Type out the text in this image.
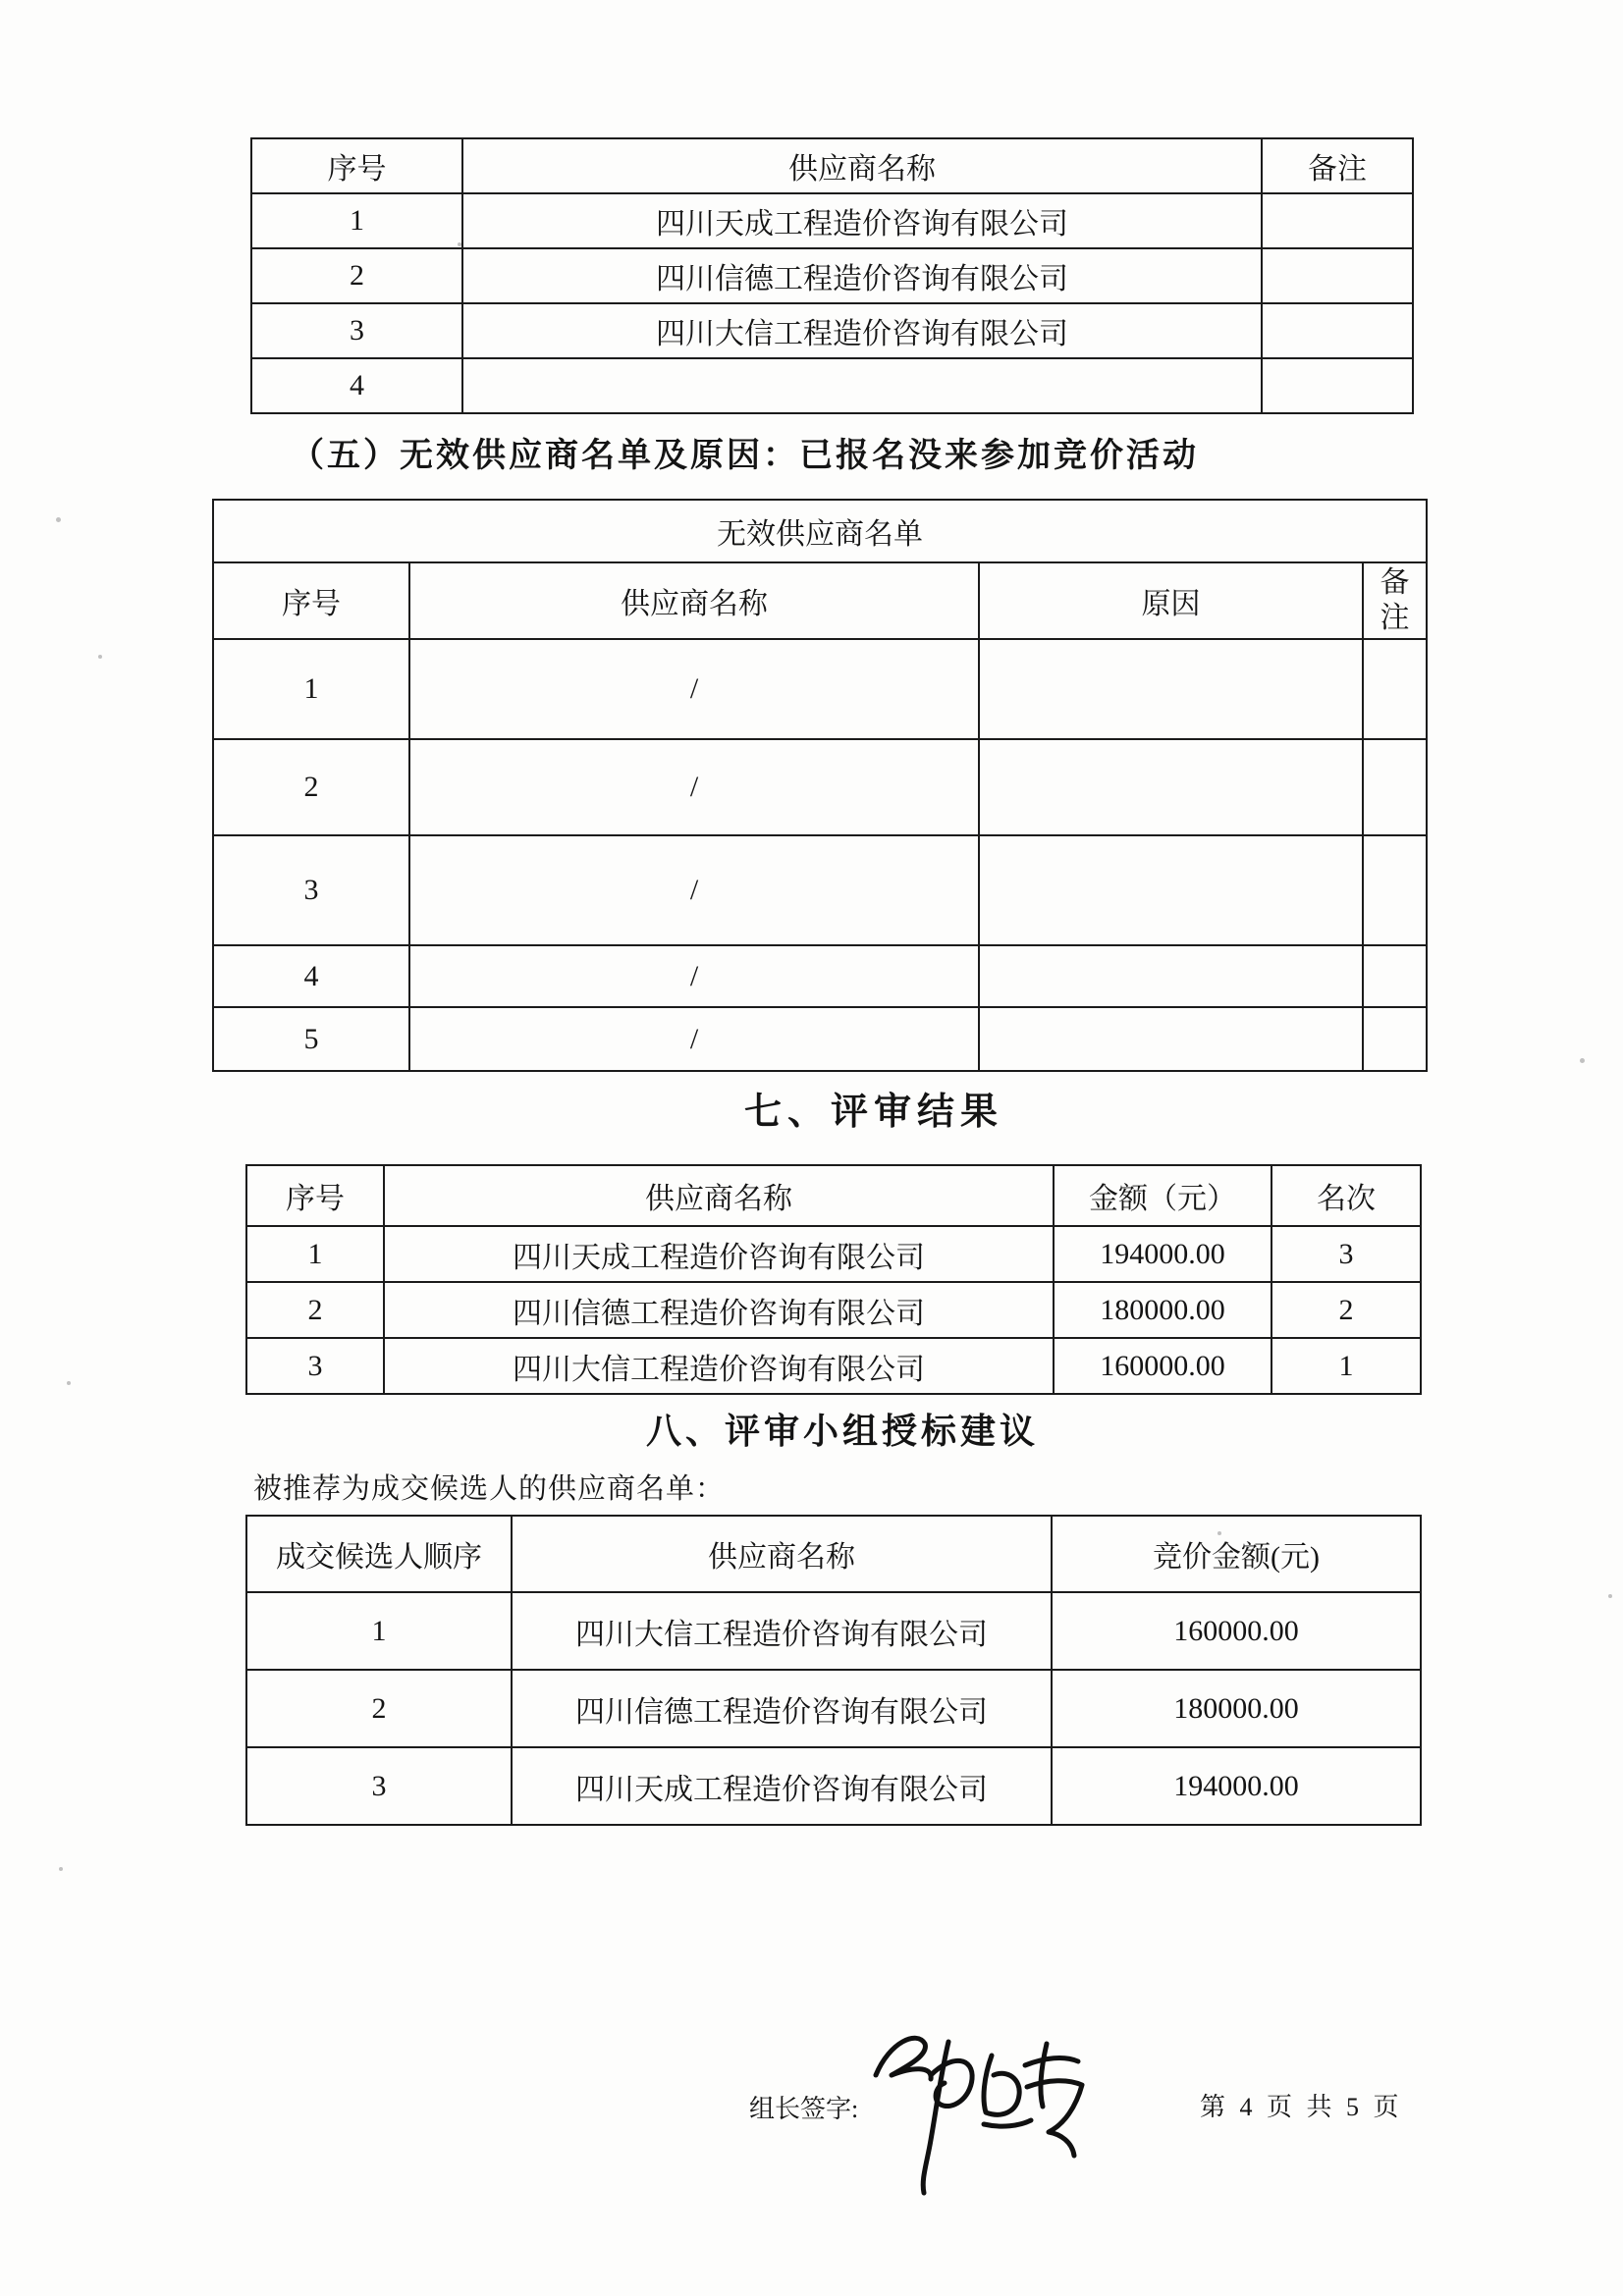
序号	供应商名称	备注
1	四川天成工程造价咨询有限公司	
2	四川信德工程造价咨询有限公司	
3	四川大信工程造价咨询有限公司	
4		
（五）无效供应商名单及原因：已报名没来参加竞价活动
无效供应商名单			
序号	供应商名称	原因	备注
1	/		
2	/		
3	/		
4	/		
5	/		
七、评审结果
序号	供应商名称	金额（元）	名次
1	四川天成工程造价咨询有限公司	194000.00	3
2	四川信德工程造价咨询有限公司	180000.00	2
3	四川大信工程造价咨询有限公司	160000.00	1
八、评审小组授标建议
被推荐为成交候选人的供应商名单：
成交候选人顺序	供应商名称	竞价金额(元)
1	四川大信工程造价咨询有限公司	160000.00
2	四川信德工程造价咨询有限公司	180000.00
3	四川天成工程造价咨询有限公司	194000.00
组长签字:	第 4 页 共 5 页
